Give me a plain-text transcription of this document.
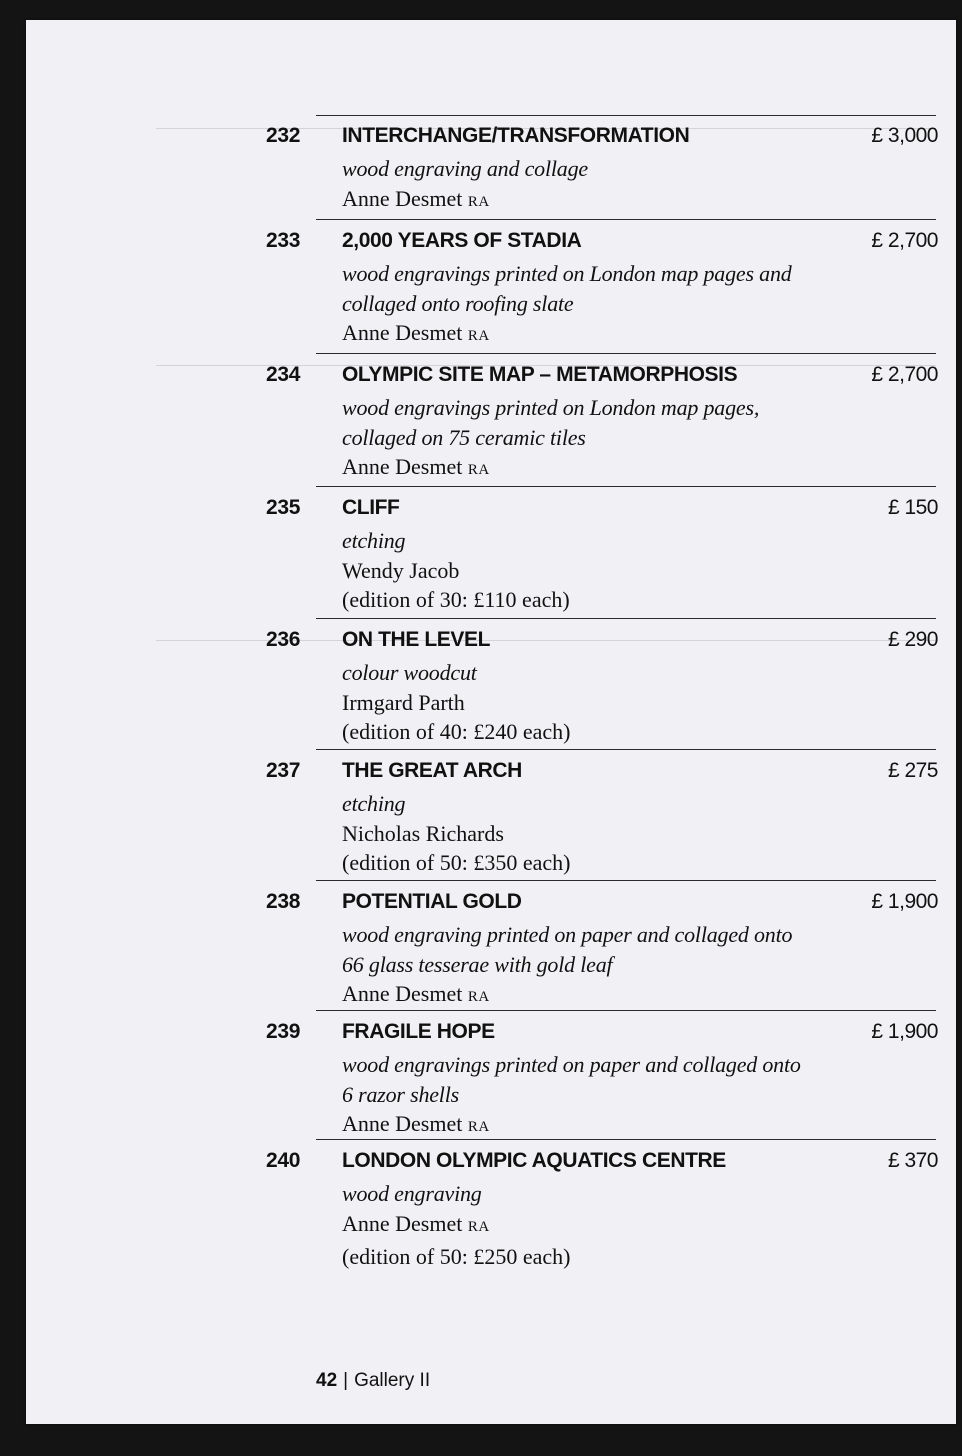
232	INTERCHANGE/TRANSFORMATION	£ 3,000
wood engraving and collage
Anne Desmet RA
233	2,000 YEARS OF STADIA	£ 2,700
wood engravings printed on London map pages and
collaged onto roofing slate
Anne Desmet RA
234	OLYMPIC SITE MAP – METAMORPHOSIS	£ 2,700
wood engravings printed on London map pages,
collaged on 75 ceramic tiles
Anne Desmet RA
235	CLIFF	£ 150
etching
Wendy Jacob
(edition of 30: £110 each)
236	ON THE LEVEL	£ 290
colour woodcut
Irmgard Parth
(edition of 40: £240 each)
237	THE GREAT ARCH	£ 275
etching
Nicholas Richards
(edition of 50: £350 each)
238	POTENTIAL GOLD	£ 1,900
wood engraving printed on paper and collaged onto
66 glass tesserae with gold leaf
Anne Desmet RA
239	FRAGILE HOPE	£ 1,900
wood engravings printed on paper and collaged onto
6 razor shells
Anne Desmet RA
240	LONDON OLYMPIC AQUATICS CENTRE	£ 370
wood engraving
Anne Desmet RA
(edition of 50: £250 each)
42 | Gallery II
